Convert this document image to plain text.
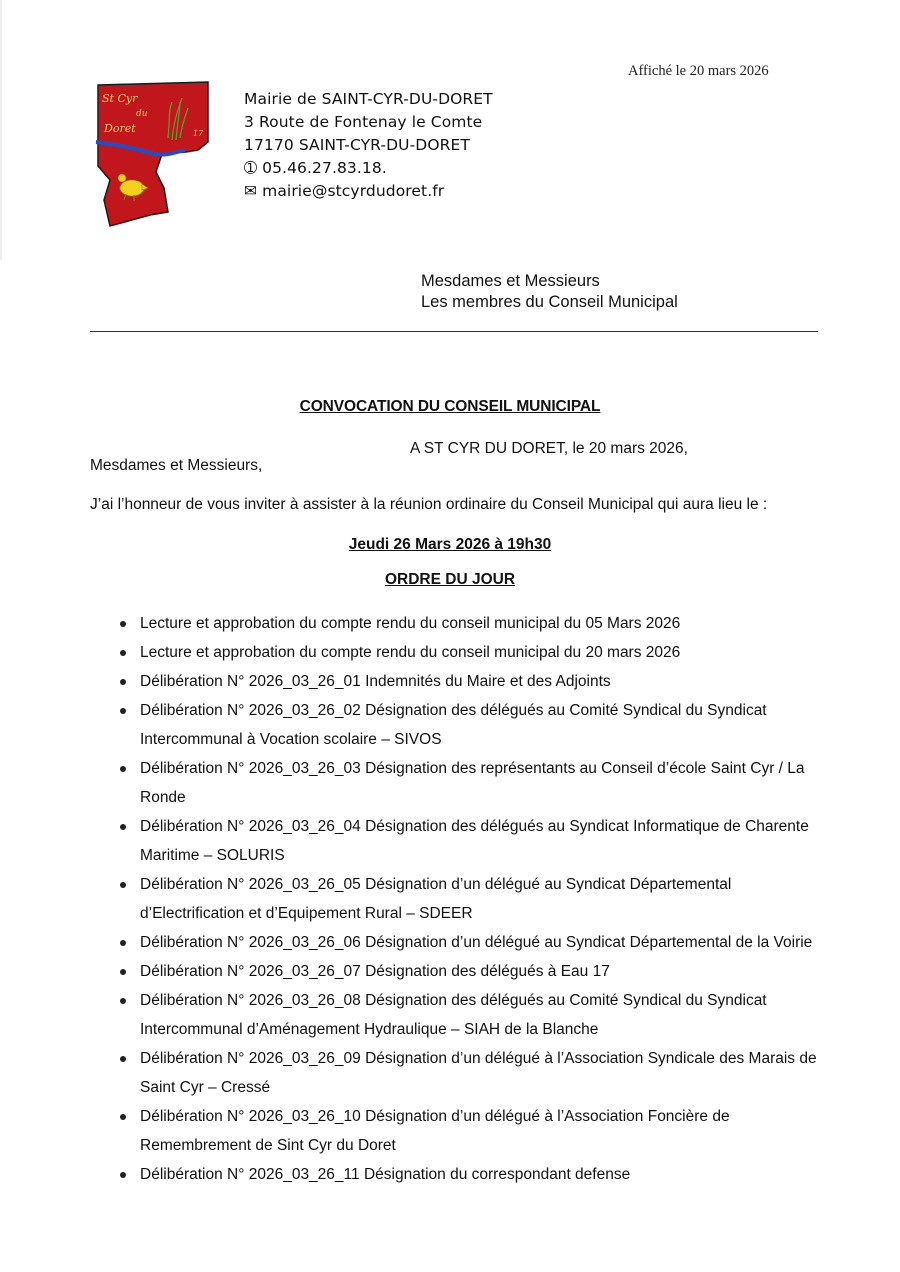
Affiché le 20 mars 2026
St Cyr
du
Doret	17
Mairie de SAINT-CYR-DU-DORET
3 Route de Fontenay le Comte
17170 SAINT-CYR-DU-DORET
➀ 05.46.27.83.18.
✉ mairie@stcyrdudoret.fr
Mesdames et Messieurs
Les membres du Conseil Municipal
CONVOCATION DU CONSEIL MUNICIPAL
A ST CYR DU DORET, le 20 mars 2026,
Mesdames et Messieurs,
J’ai l’honneur de vous inviter à assister à la réunion ordinaire du Conseil Municipal qui aura lieu le :
Jeudi 26 Mars 2026 à 19h30
ORDRE DU JOUR
Lecture et approbation du compte rendu du conseil municipal du 05 Mars 2026
Lecture et approbation du compte rendu du conseil municipal du 20 mars 2026
Délibération N° 2026_03_26_01 Indemnités du Maire et des Adjoints
Délibération N° 2026_03_26_02 Désignation des délégués au Comité Syndical du Syndicat Intercommunal à Vocation scolaire – SIVOS
Délibération N° 2026_03_26_03 Désignation des représentants au Conseil d’école Saint Cyr / La Ronde
Délibération N° 2026_03_26_04 Désignation des délégués au Syndicat Informatique de Charente Maritime – SOLURIS
Délibération N° 2026_03_26_05 Désignation d’un délégué au Syndicat Départemental d’Electrification et d’Equipement Rural – SDEER
Délibération N° 2026_03_26_06 Désignation d’un délégué au Syndicat Départemental de la Voirie
Délibération N° 2026_03_26_07 Désignation des délégués à Eau 17
Délibération N° 2026_03_26_08 Désignation des délégués au Comité Syndical du Syndicat Intercommunal d’Aménagement Hydraulique – SIAH de la Blanche
Délibération N° 2026_03_26_09 Désignation d’un délégué à l’Association Syndicale des Marais de Saint Cyr – Cressé
Délibération N° 2026_03_26_10 Désignation d’un délégué à l’Association Foncière de Remembrement de Sint Cyr du Doret
Délibération N° 2026_03_26_11 Désignation du correspondant defense
